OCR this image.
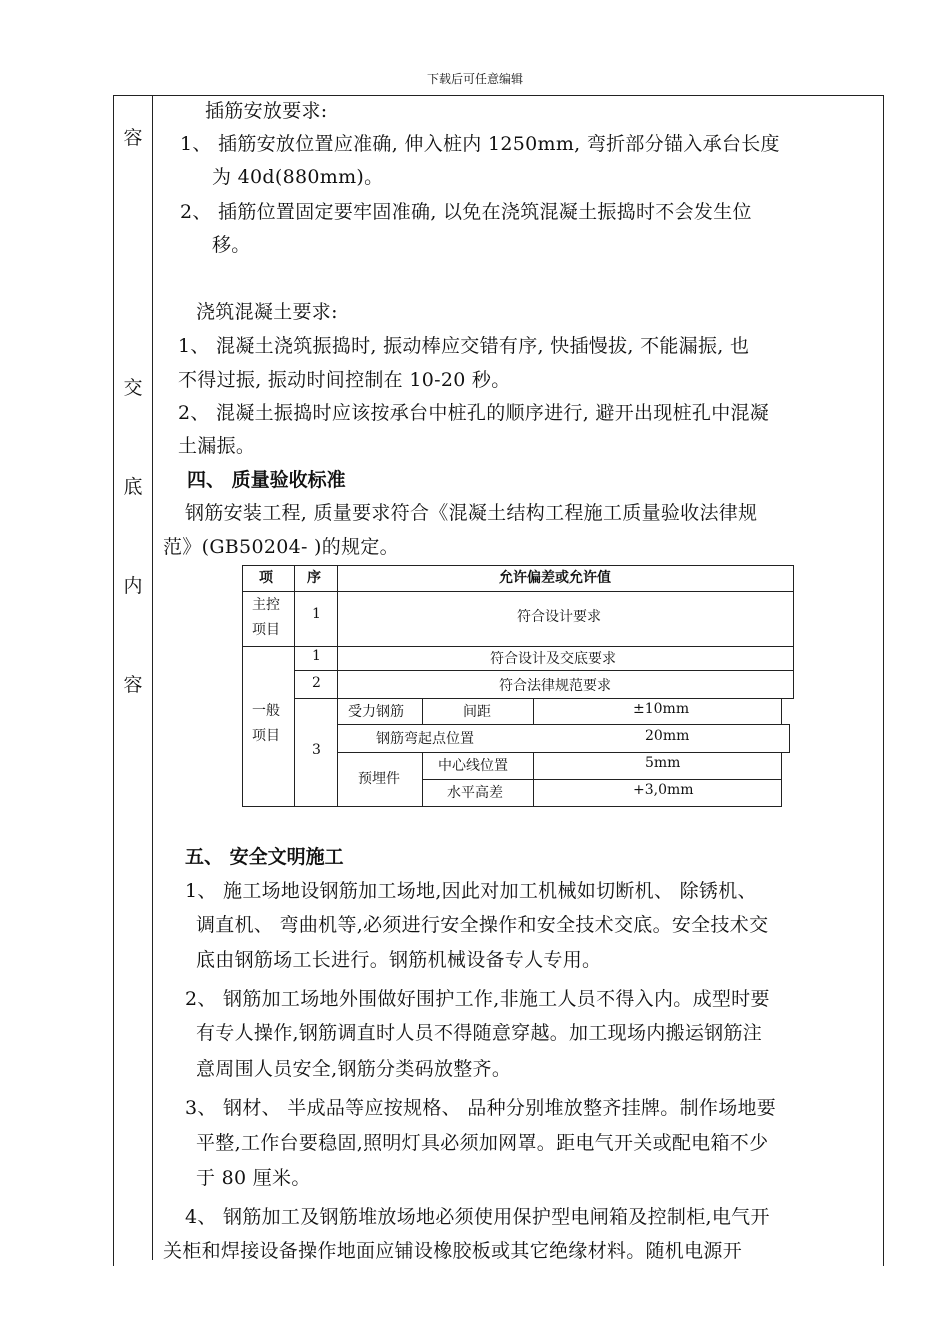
下载后可任意编辑
容
交
底
内
容
插筋安放要求:
1、 插筋安放位置应准确, 伸入桩内 1250mm, 弯折部分锚入承台长度
为 40d(880mm)。
2、 插筋位置固定要牢固准确, 以免在浇筑混凝土振捣时不会发生位
移。
浇筑混凝土要求:
1、 混凝土浇筑振捣时, 振动棒应交错有序, 快插慢拔, 不能漏振, 也
不得过振, 振动时间控制在 10-20 秒。
2、 混凝土振捣时应该按承台中桩孔的顺序进行, 避开出现桩孔中混凝
土漏振。
四、 质量验收标准
钢筋安装工程, 质量要求符合《混凝土结构工程施工质量验收法律规
范》(GB50204- )的规定。
项 序	允许偏差或允许值
主控
项目
1	符合设计要求
一般
项目
1	符合设计及交底要求
2	符合法律规范要求
3
受力钢筋	间距	±10mm
钢筋弯起点位置	20mm
预埋件
中心线位置	5mm
水平高差	+3,0mm
五、 安全文明施工
1、 施工场地设钢筋加工场地,因此对加工机械如切断机、 除锈机、
调直机、 弯曲机等,必须进行安全操作和安全技术交底。安全技术交
底由钢筋场工长进行。钢筋机械设备专人专用。
2、 钢筋加工场地外围做好围护工作,非施工人员不得入内。成型时要
有专人操作,钢筋调直时人员不得随意穿越。加工现场内搬运钢筋注
意周围人员安全,钢筋分类码放整齐。
3、 钢材、 半成品等应按规格、 品种分别堆放整齐挂牌。制作场地要
平整,工作台要稳固,照明灯具必须加网罩。距电气开关或配电箱不少
于 80 厘米。
4、 钢筋加工及钢筋堆放场地必须使用保护型电闸箱及控制柜,电气开
关柜和焊接设备操作地面应铺设橡胶板或其它绝缘材料。随机电源开
